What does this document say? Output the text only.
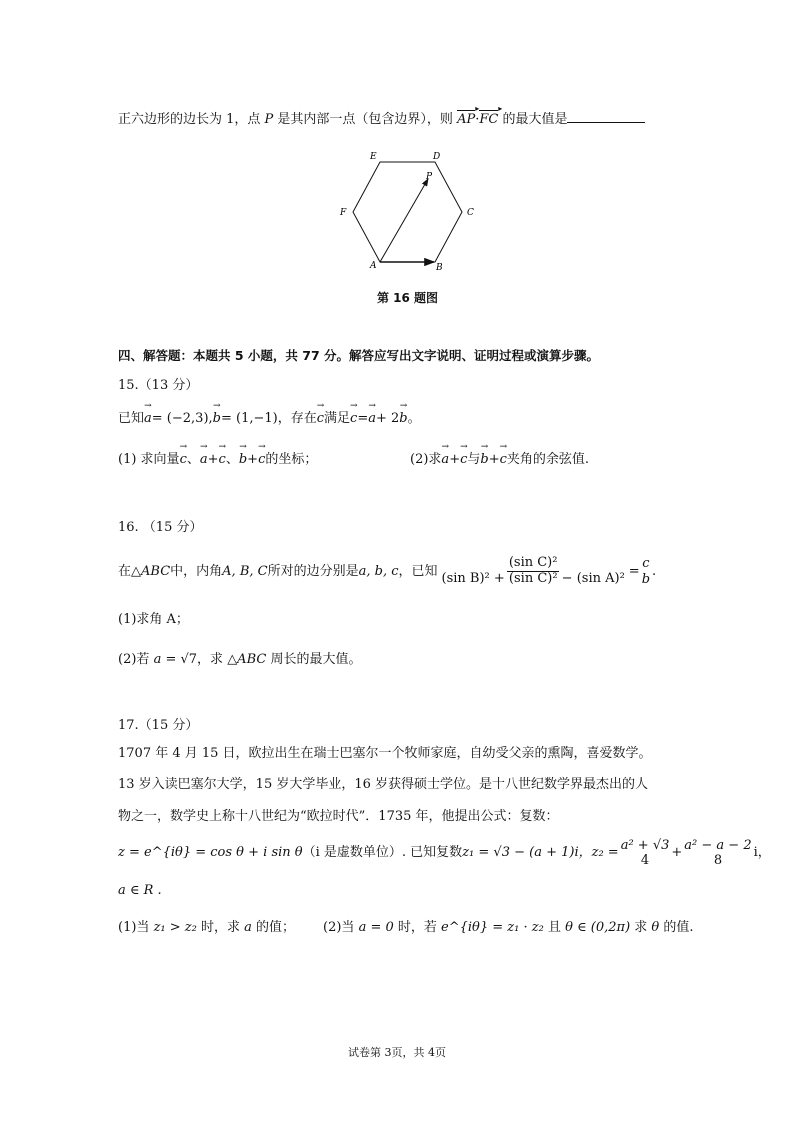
正六边形的边长为 1，点 P 是其内部一点（包含边界），则 AP ▸·FC ▸ 的最大值是
A	B
C
D
E
F
P
第 16 题图
四、解答题：本题共 5 小题，共 77 分。解答应写出文字说明、证明过程或演算步骤。
15.（13 分）
已知→ a= (−2,3),→ b= (1,−1)，存在→ c满足→ c=→ a+ 2→ b。
(1) 求向量→ c、→ a+→ c、→ b+→ c的坐标；	(2)求→ a+→ c与→ b+→ c夹角的余弦值.
16. （15 分）
在 △ABC 中，内角 A, B, C 所对的边分别是 a, b, c ，已知 $\frac{\text{(sin C)²}}{\text{(sin B)² + (sin C)² − (sin A)²}}$ =
c
b
.
(1)求角 A；
(2)若 a = √7，求 △ABC 周长的最大值。
17.（15 分）
1707 年 4 月 15 日，欧拉出生在瑞士巴塞尔一个牧师家庭，自幼受父亲的熏陶，喜爱数学。
13 岁入读巴塞尔大学，15 岁大学毕业，16 岁获得硕士学位。是十八世纪数学界最杰出的人
物之一，数学史上称十八世纪为“欧拉时代”．1735 年，他提出公式：复数：
z = e^{iθ} = cos θ + i sin θ （i 是虚数单位）. 已知复数 z₁ = √3 − (a + 1)i ，z₂ = a² + √3
4 + a² − a − 2
8 i，
a ∈ R .
(1)当 z₁ > z₂ 时，求 a 的值； (2)当 a = 0 时，若 e^{iθ} = z₁ · z₂ 且 θ ∈ (0,2π) 求 θ 的值.
试卷第 3页，共 4页
